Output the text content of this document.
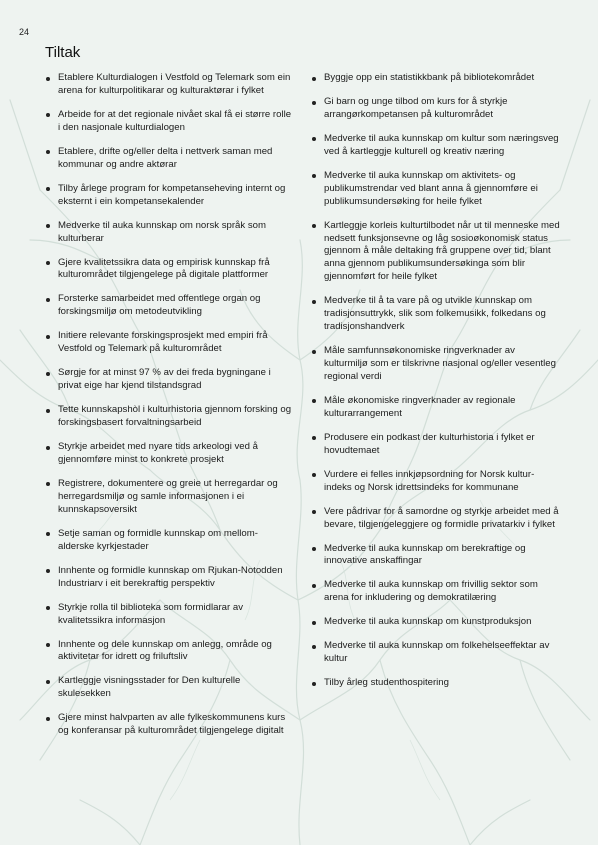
24
Tiltak
Etablere Kulturdialogen i Vestfold og Telemark som ein arena for kulturpolitikarar og kulturaktørar i fylket
Arbeide for at det regionale nivået skal få ei større rolle i den nasjonale kulturdialogen
Etablere, drifte og/eller delta i nettverk saman med kommunar og andre aktørar
Tilby årlege program for kompetanseheving internt og eksternt i ein kompetansekalender
Medverke til auka kunnskap om norsk språk som kulturberar
Gjere kvalitetssikra data og empirisk kunnskap frå kulturområdet tilgjengelege på digitale plattformer
Forsterke samarbeidet med offentlege organ og forskingsmiljø om metodeutvikling
Initiere relevante forskingsprosjekt med empiri frå Vestfold og Telemark på kulturområdet
Sørgje for at minst 97 % av dei freda bygningane i privat eige har kjend tilstandsgrad
Tette kunnskapshòl i kulturhistoria gjennom forsking og forskingsbasert forvaltningsarbeid
Styrkje arbeidet med nyare tids arkeologi ved å gjennomføre minst to konkrete prosjekt
Registrere, dokumentere og greie ut herregardar og herregardsmiljø og samle informasjonen i ei kunnskapsoversikt
Setje saman og formidle kunnskap om mellom-alderske kyrkjestader
Innhente og formidle kunnskap om Rjukan-Notodden Industriarv i eit berekraftig perspektiv
Styrkje rolla til biblioteka som formidlarar av kvalitetssikra informasjon
Innhente og dele kunnskap om anlegg, område og aktivitetar for idrett og friluftsliv
Kartleggje visningsstader for Den kulturelle skulesekken
Gjere minst halvparten av alle fylkeskommunens kurs og konferansar på kulturområdet tilgjengelege digitalt
Byggje opp ein statistikkbank på bibliotekområdet
Gi barn og unge tilbod om kurs for å styrkje arrangørkompetansen på kulturområdet
Medverke til auka kunnskap om kultur som næringsveg ved å kartleggje kulturell og kreativ næring
Medverke til auka kunnskap om aktivitets- og publikumstrendar ved blant anna å gjennomføre ei publikumsundersøking for heile fylket
Kartleggje korleis kulturtilbodet når ut til menneske med nedsett funksjonsevne og låg sosioøkonomisk status gjennom å måle deltaking frå gruppene over tid, blant anna gjennom publikumsundersøkinga som blir gjennomført for heile fylket
Medverke til å ta vare på og utvikle kunnskap om tradisjonsuttrykk, slik som folkemusikk, folkedans og tradisjonshandverk
Måle samfunnsøkonomiske ringverknader av kulturmiljø som er tilskrivne nasjonal og/eller vesentleg regional verdi
Måle økonomiske ringverknader av regionale kulturarrangement
Produsere ein podkast der kulturhistoria i fylket er hovudtemaet
Vurdere ei felles innkjøpsordning for Norsk kultur-indeks og Norsk idrettsindeks for kommunane
Vere pådrivar for å samordne og styrkje arbeidet med å bevare, tilgjengeleggjere og formidle privatarkiv i fylket
Medverke til auka kunnskap om berekraftige og innovative anskaffingar
Medverke til auka kunnskap om frivillig sektor som arena for inkludering og demokratilæring
Medverke til auka kunnskap om kunstproduksjon
Medverke til auka kunnskap om folkehelseeffektar av kultur
Tilby årleg studenthospitering
